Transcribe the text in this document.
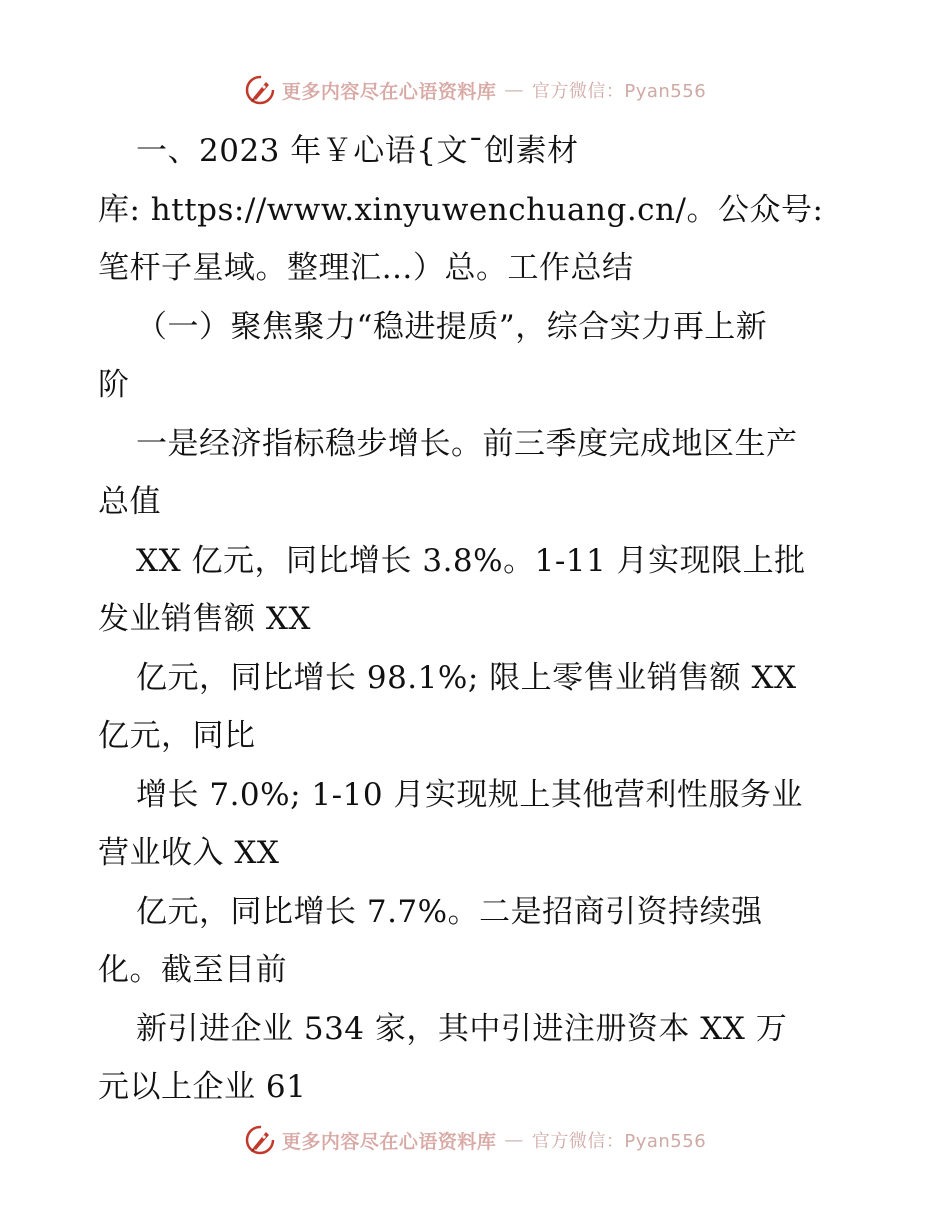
更多内容尽在心语资料库 — 官方微信：Pyan556
一、2023 年￥心语{文¯创素材
库: https://www.xinyuwenchuang.cn/。公众号:
笔杆子星域。整理汇…）总。工作总结
（一）聚焦聚力“稳进提质”，综合实力再上新
阶
一是经济指标稳步增长。前三季度完成地区生产
总值
XX 亿元，同比增长 3.8%。1-11 月实现限上批
发业销售额 XX
亿元，同比增长 98.1%; 限上零售业销售额 XX
亿元，同比
增长 7.0%; 1-10 月实现规上其他营利性服务业
营业收入 XX
亿元，同比增长 7.7%。二是招商引资持续强
化。截至目前
新引进企业 534 家，其中引进注册资本 XX 万
元以上企业 61
更多内容尽在心语资料库 — 官方微信：Pyan556
